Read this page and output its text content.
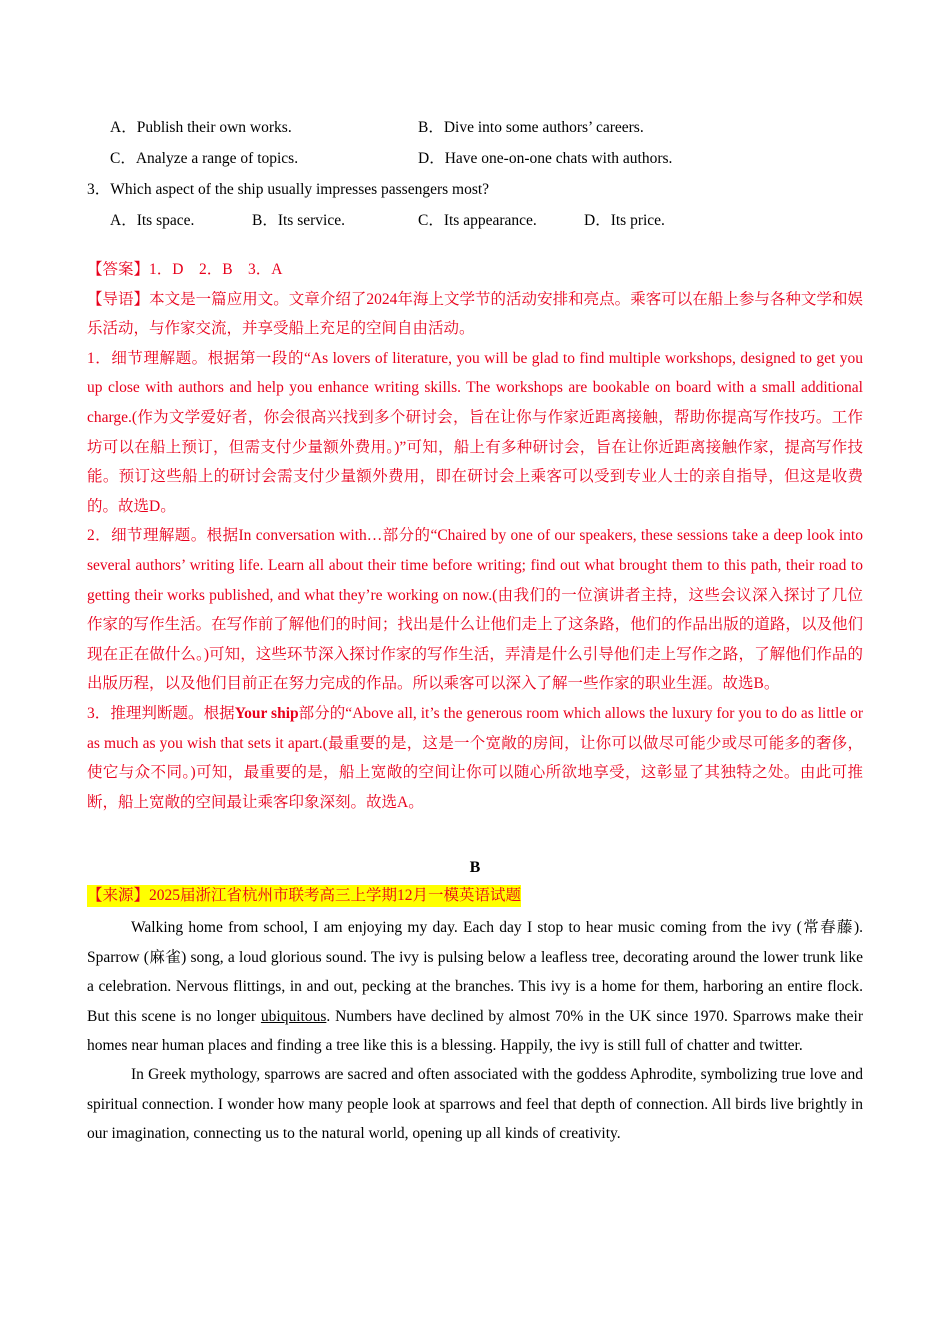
A．Publish their own works.	B．Dive into some authors’ careers.
C．Analyze a range of topics.	D．Have one-on-one chats with authors.
3．Which aspect of the ship usually impresses passengers most?
A．Its space.	B．Its service.	C．Its appearance.	D．Its price.

【答案】1．D　2．B　3．A

【导语】本文是一篇应用文。文章介绍了2024年海上文学节的活动安排和亮点。乘客可以在船上参与各种文学和娱乐活动，与作家交流，并享受船上充足的空间自由活动。

1．细节理解题。根据第一段的“As lovers of literature, you will be glad to find multiple workshops, designed to get you up close with authors and help you enhance writing skills. The workshops are bookable on board with a small additional charge.(作为文学爱好者，你会很高兴找到多个研讨会，旨在让你与作家近距离接触，帮助你提高写作技巧。工作坊可以在船上预订，但需支付少量额外费用。)”可知，船上有多种研讨会，旨在让你近距离接触作家，提高写作技能。预订这些船上的研讨会需支付少量额外费用，即在研讨会上乘客可以受到专业人士的亲自指导，但这是收费的。故选D。

2．细节理解题。根据In conversation with…部分的“Chaired by one of our speakers, these sessions take a deep look into several authors’ writing life. Learn all about their time before writing; find out what brought them to this path, their road to getting their works published, and what they’re working on now.(由我们的一位演讲者主持，这些会议深入探讨了几位作家的写作生活。在写作前了解他们的时间；找出是什么让他们走上了这条路，他们的作品出版的道路，以及他们现在正在做什么。)可知，这些环节深入探讨作家的写作生活，弄清是什么引导他们走上写作之路，了解他们作品的出版历程，以及他们目前正在努力完成的作品。所以乘客可以深入了解一些作家的职业生涯。故选B。

3．推理判断题。根据Your ship部分的“Above all, it’s the generous room which allows the luxury for you to do as little or as much as you wish that sets it apart.(最重要的是，这是一个宽敞的房间，让你可以做尽可能少或尽可能多的奢侈，使它与众不同。)可知，最重要的是，船上宽敞的空间让你可以随心所欲地享受，这彰显了其独特之处。由此可推断，船上宽敞的空间最让乘客印象深刻。故选A。

B
【来源】2025届浙江省杭州市联考高三上学期12月一模英语试题

Walking home from school, I am enjoying my day. Each day I stop to hear music coming from the ivy (常春藤). Sparrow (麻雀) song, a loud glorious sound. The ivy is pulsing below a leafless tree, decorating around the lower trunk like a celebration. Nervous flittings, in and out, pecking at the branches. This ivy is a home for them, harboring an entire flock. But this scene is no longer ubiquitous. Numbers have declined by almost 70% in the UK since 1970. Sparrows make their homes near human places and finding a tree like this is a blessing. Happily, the ivy is still full of chatter and twitter.

In Greek mythology, sparrows are sacred and often associated with the goddess Aphrodite, symbolizing true love and spiritual connection. I wonder how many people look at sparrows and feel that depth of connection. All birds live brightly in our imagination, connecting us to the natural world, opening up all kinds of creativity.
